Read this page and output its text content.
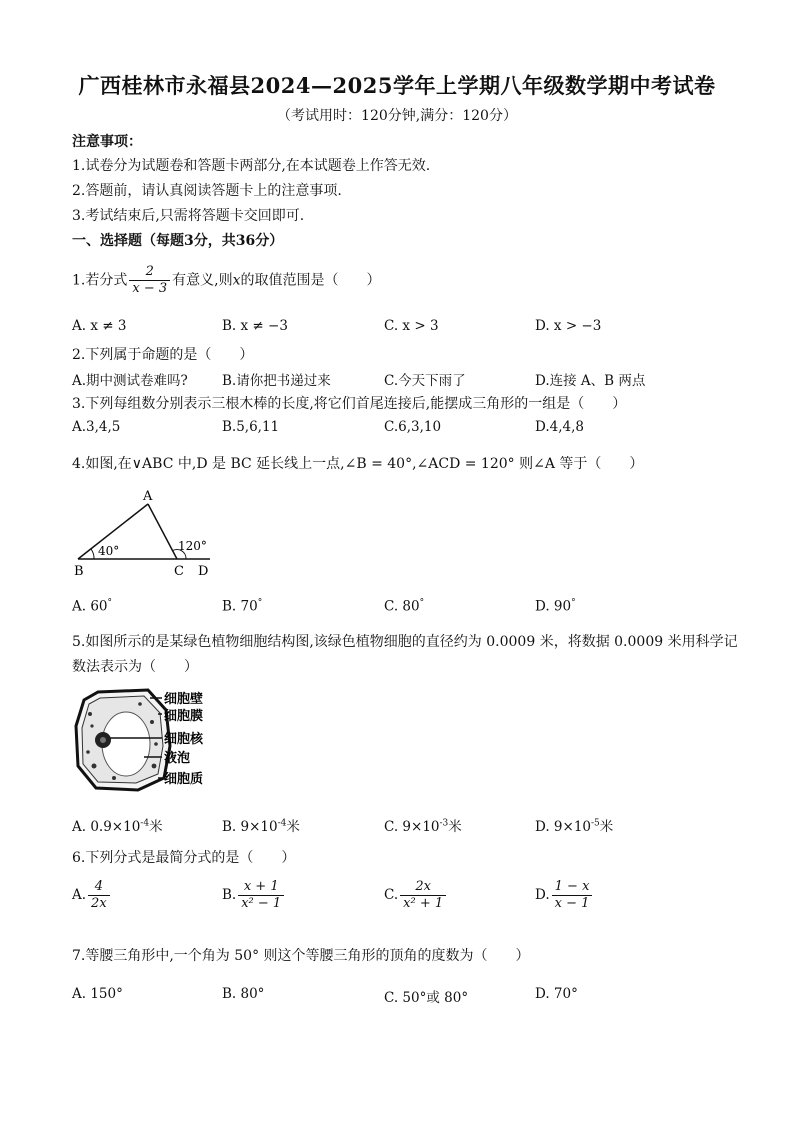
广西桂林市永福县2024—2025学年上学期八年级数学期中考试卷
（考试用时：120分钟,满分：120分）
注意事项：
1.试卷分为试题卷和答题卡两部分,在本试题卷上作答无效.
2.答题前，请认真阅读答题卡上的注意事项.
3.考试结束后,只需将答题卡交回即可.
一、选择题（每题3分，共36分）
1.若分式 $\frac{2}{x - 3}$ 有意义,则x的取值范围是（　　）
A. x ≠ 3	B. x ≠ −3	C. x > 3	D. x > −3
2.下列属于命题的是（　　）
A.期中测试卷难吗?	B.请你把书递过来	C.今天下雨了	D.连接 A、B 两点
3.下列每组数分别表示三根木棒的长度,将它们首尾连接后,能摆成三角形的一组是（　　）
A.3,4,5	B.5,6,11	C.6,3,10	D.4,4,8
4.如图,在∨ABC 中,D 是 BC 延长线上一点,∠B = 40°,∠ACD = 120° 则∠A 等于（　　）
A
B	C D
40°	120°
A. 60°	B. 70°	C. 80°	D. 90°
5.如图所示的是某绿色植物细胞结构图,该绿色植物细胞的直径约为 0.0009 米，将数据 0.0009 米用科学记
数法表示为（　　）
细胞壁
细胞膜
细胞核
液泡
细胞质
A. $0.9\times 10^{-4}$米	B. $9\times 10^{-4}$米	C. $9\times 10^{-3}$米	D. $9\times 10^{-5}$米
6.下列分式是最简分式的是（　　）
A. $\frac{4}{2x}$	B. $\frac{x + 1}{\text{x² − 1}}$	C. $\frac{2x}{\text{x² + 1}}$	D. $\frac{1 - x}{x - 1}$
7.等腰三角形中,一个角为 50° 则这个等腰三角形的顶角的度数为（　　）
A. 150°	B. 80°	C. 50°或 80°	D. 70°
